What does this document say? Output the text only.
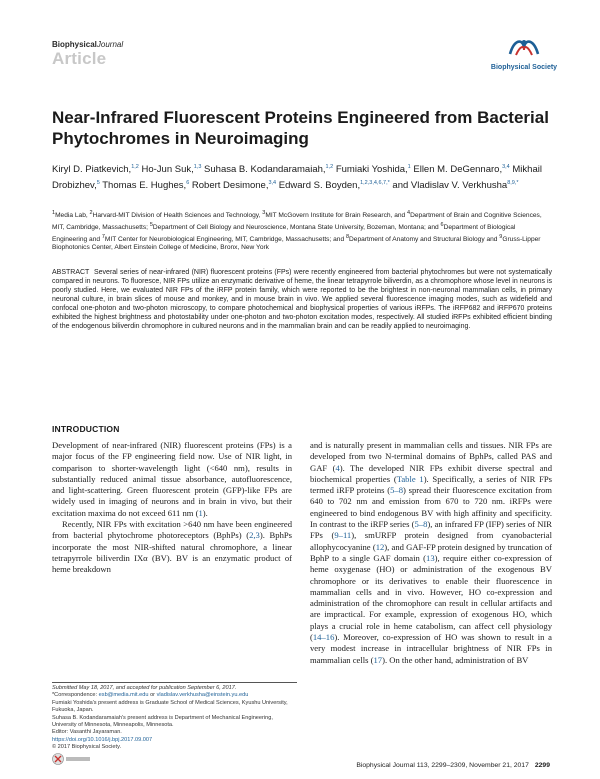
BiophysicalJournal
Article	Biophysical Society
Near-Infrared Fluorescent Proteins Engineered from Bacterial Phytochromes in Neuroimaging
Kiryl D. Piatkevich,$^{1,2}$ Ho-Jun Suk,$^{1,3}$ Suhasa B. Kodandaramaiah,$^{1,2}$ Fumiaki Yoshida,$^1$ Ellen M. DeGennaro,$^{3,4}$ Mikhail Drobizhev,$^5$ Thomas E. Hughes,$^6$ Robert Desimone,$^{3,4}$ Edward S. Boyden,$^{1,2,3,4,6,7,*}$ and Vladislav V. Verkhusha$^{8,9,*}$
$^1$Media Lab, $^2$Harvard-MIT Division of Health Sciences and Technology, $^3$MIT McGovern Institute for Brain Research, and $^4$Department of Brain and Cognitive Sciences, MIT, Cambridge, Massachusetts; $^5$Department of Cell Biology and Neuroscience, Montana State University, Bozeman, Montana; and $^6$Department of Biological Engineering and $^7$MIT Center for Neurobiological Engineering, MIT, Cambridge, Massachusetts; and $^8$Department of Anatomy and Structural Biology and $^9$Gruss-Lipper Biophotonics Center, Albert Einstein College of Medicine, Bronx, New York
ABSTRACT Several series of near-infrared (NIR) fluorescent proteins (FPs) were recently engineered from bacterial phytochromes but were not systematically compared in neurons. To fluoresce, NIR FPs utilize an enzymatic derivative of heme, the linear tetrapyrrole biliverdin, as a chromophore whose level in neurons is poorly studied. Here, we evaluated NIR FPs of the iRFP protein family, which were reported to be the brightest in non-neuronal mammalian cells, in primary neuronal culture, in brain slices of mouse and monkey, and in mouse brain in vivo. We applied several fluorescence imaging modes, such as widefield and confocal one-photon and two-photon microscopy, to compare photochemical and biophysical properties of various iRFPs. The iRFP682 and iRFP670 proteins exhibited the highest brightness and photostability under one-photon and two-photon excitation modes, respectively. All studied iRFPs exhibited efficient binding of the endogenous biliverdin chromophore in cultured neurons and in the mammalian brain and can be readily applied to neuroimaging.
INTRODUCTION

Development of near-infrared (NIR) fluorescent proteins (FPs) is a major focus of the FP engineering field now. Use of NIR light, in comparison to shorter-wavelength light (<640 nm), results in substantially reduced animal tissue absorbance, autofluorescence, and light-scattering. Green fluorescent protein (GFP)-like FPs are widely used in imaging of neurons and in brain in vivo, but their excitation maxima do not exceed 611 nm (1).

Recently, NIR FPs with excitation >640 nm have been engineered from bacterial phytochrome photoreceptors (BphPs) (2,3). BphPs incorporate the most NIR-shifted natural chromophore, a linear tetrapyrrole biliverdin IXα (BV). BV is an enzymatic product of heme breakdown

and is naturally present in mammalian cells and tissues. NIR FPs are developed from two N-terminal domains of BphPs, called PAS and GAF (4). The developed NIR FPs exhibit diverse spectral and biochemical properties (Table 1). Specifically, a series of NIR FPs termed iRFP proteins (5–8) spread their fluorescence excitation from 640 to 702 nm and emission from 670 to 720 nm. iRFPs were engineered to bind endogenous BV with high affinity and specificity. In contrast to the iRFP series (5–8), an infrared FP (IFP) series of NIR FPs (9–11), smURFP protein designed from cyanobacterial allophycocyanine (12), and GAF-FP protein designed by truncation of BphP to a single GAF domain (13), require either co-expression of heme oxygenase (HO) or administration of the exogenous BV chromophore or its derivatives to enable their fluorescence in mammalian cells and in vivo. However, HO co-expression and administration of the chromophore can result in cellular artifacts and are impractical. For example, expression of exogenous HO, which plays a crucial role in heme catabolism, can affect cell physiology (14–16). Moreover, co-expression of HO was shown to result in a very modest increase in intracellular brightness of NIR FPs in mammalian cells (17). On the other hand, administration of BV

Submitted May 18, 2017, and accepted for publication September 6, 2017.
*Correspondence: esb@media.mit.edu or vladislav.verkhusha@einstein.yu.edu
Fumiaki Yoshida's present address is Graduate School of Medical Sciences, Kyushu University, Fukuoka, Japan.
Suhasa B. Kodandaramaiah's present address is Department of Mechanical Engineering, University of Minnesota, Minneapolis, Minnesota.
Editor: Vasanthi Jayaraman.
https://doi.org/10.1016/j.bpj.2017.09.007
© 2017 Biophysical Society.
Biophysical Journal 113, 2299–2309, November 21, 2017 2299
